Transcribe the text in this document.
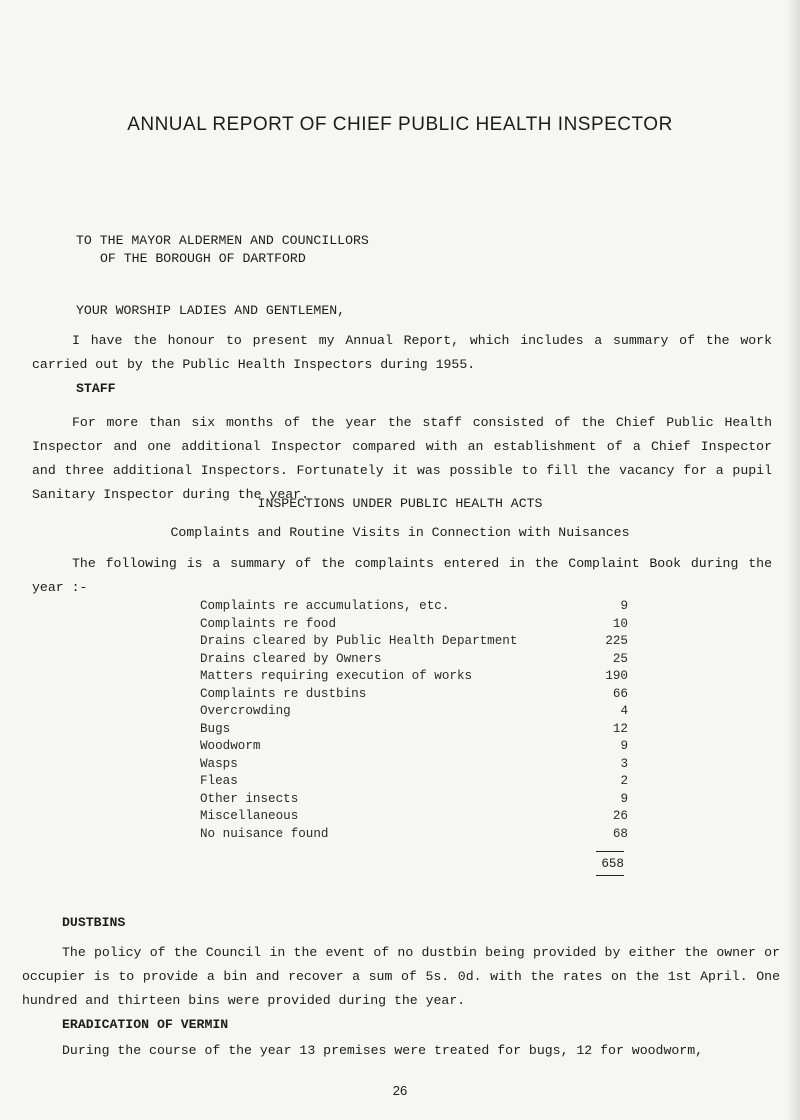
ANNUAL REPORT OF CHIEF PUBLIC HEALTH INSPECTOR
TO THE MAYOR ALDERMEN AND COUNCILLORS
OF THE BOROUGH OF DARTFORD
YOUR WORSHIP LADIES AND GENTLEMEN,
I have the honour to present my Annual Report, which includes a summary of the work carried out by the Public Health Inspectors during 1955.
STAFF
For more than six months of the year the staff consisted of the Chief Public Health Inspector and one additional Inspector compared with an establishment of a Chief Inspector and three additional Inspectors. Fortunately it was possible to fill the vacancy for a pupil Sanitary Inspector during the year.
INSPECTIONS UNDER PUBLIC HEALTH ACTS
Complaints and Routine Visits in Connection with Nuisances
The following is a summary of the complaints entered in the Complaint Book during the year :-
Complaints re accumulations, etc.	9
Complaints re food	10
Drains cleared by Public Health Department	225
Drains cleared by Owners	25
Matters requiring execution of works	190
Complaints re dustbins	66
Overcrowding	4
Bugs	12
Woodworm	9
Wasps	3
Fleas	2
Other insects	9
Miscellaneous	26
No nuisance found	68
658
DUSTBINS
The policy of the Council in the event of no dustbin being provided by either the owner or occupier is to provide a bin and recover a sum of 5s. 0d. with the rates on the 1st April. One hundred and thirteen bins were provided during the year.
ERADICATION OF VERMIN
During the course of the year 13 premises were treated for bugs, 12 for woodworm,
26
